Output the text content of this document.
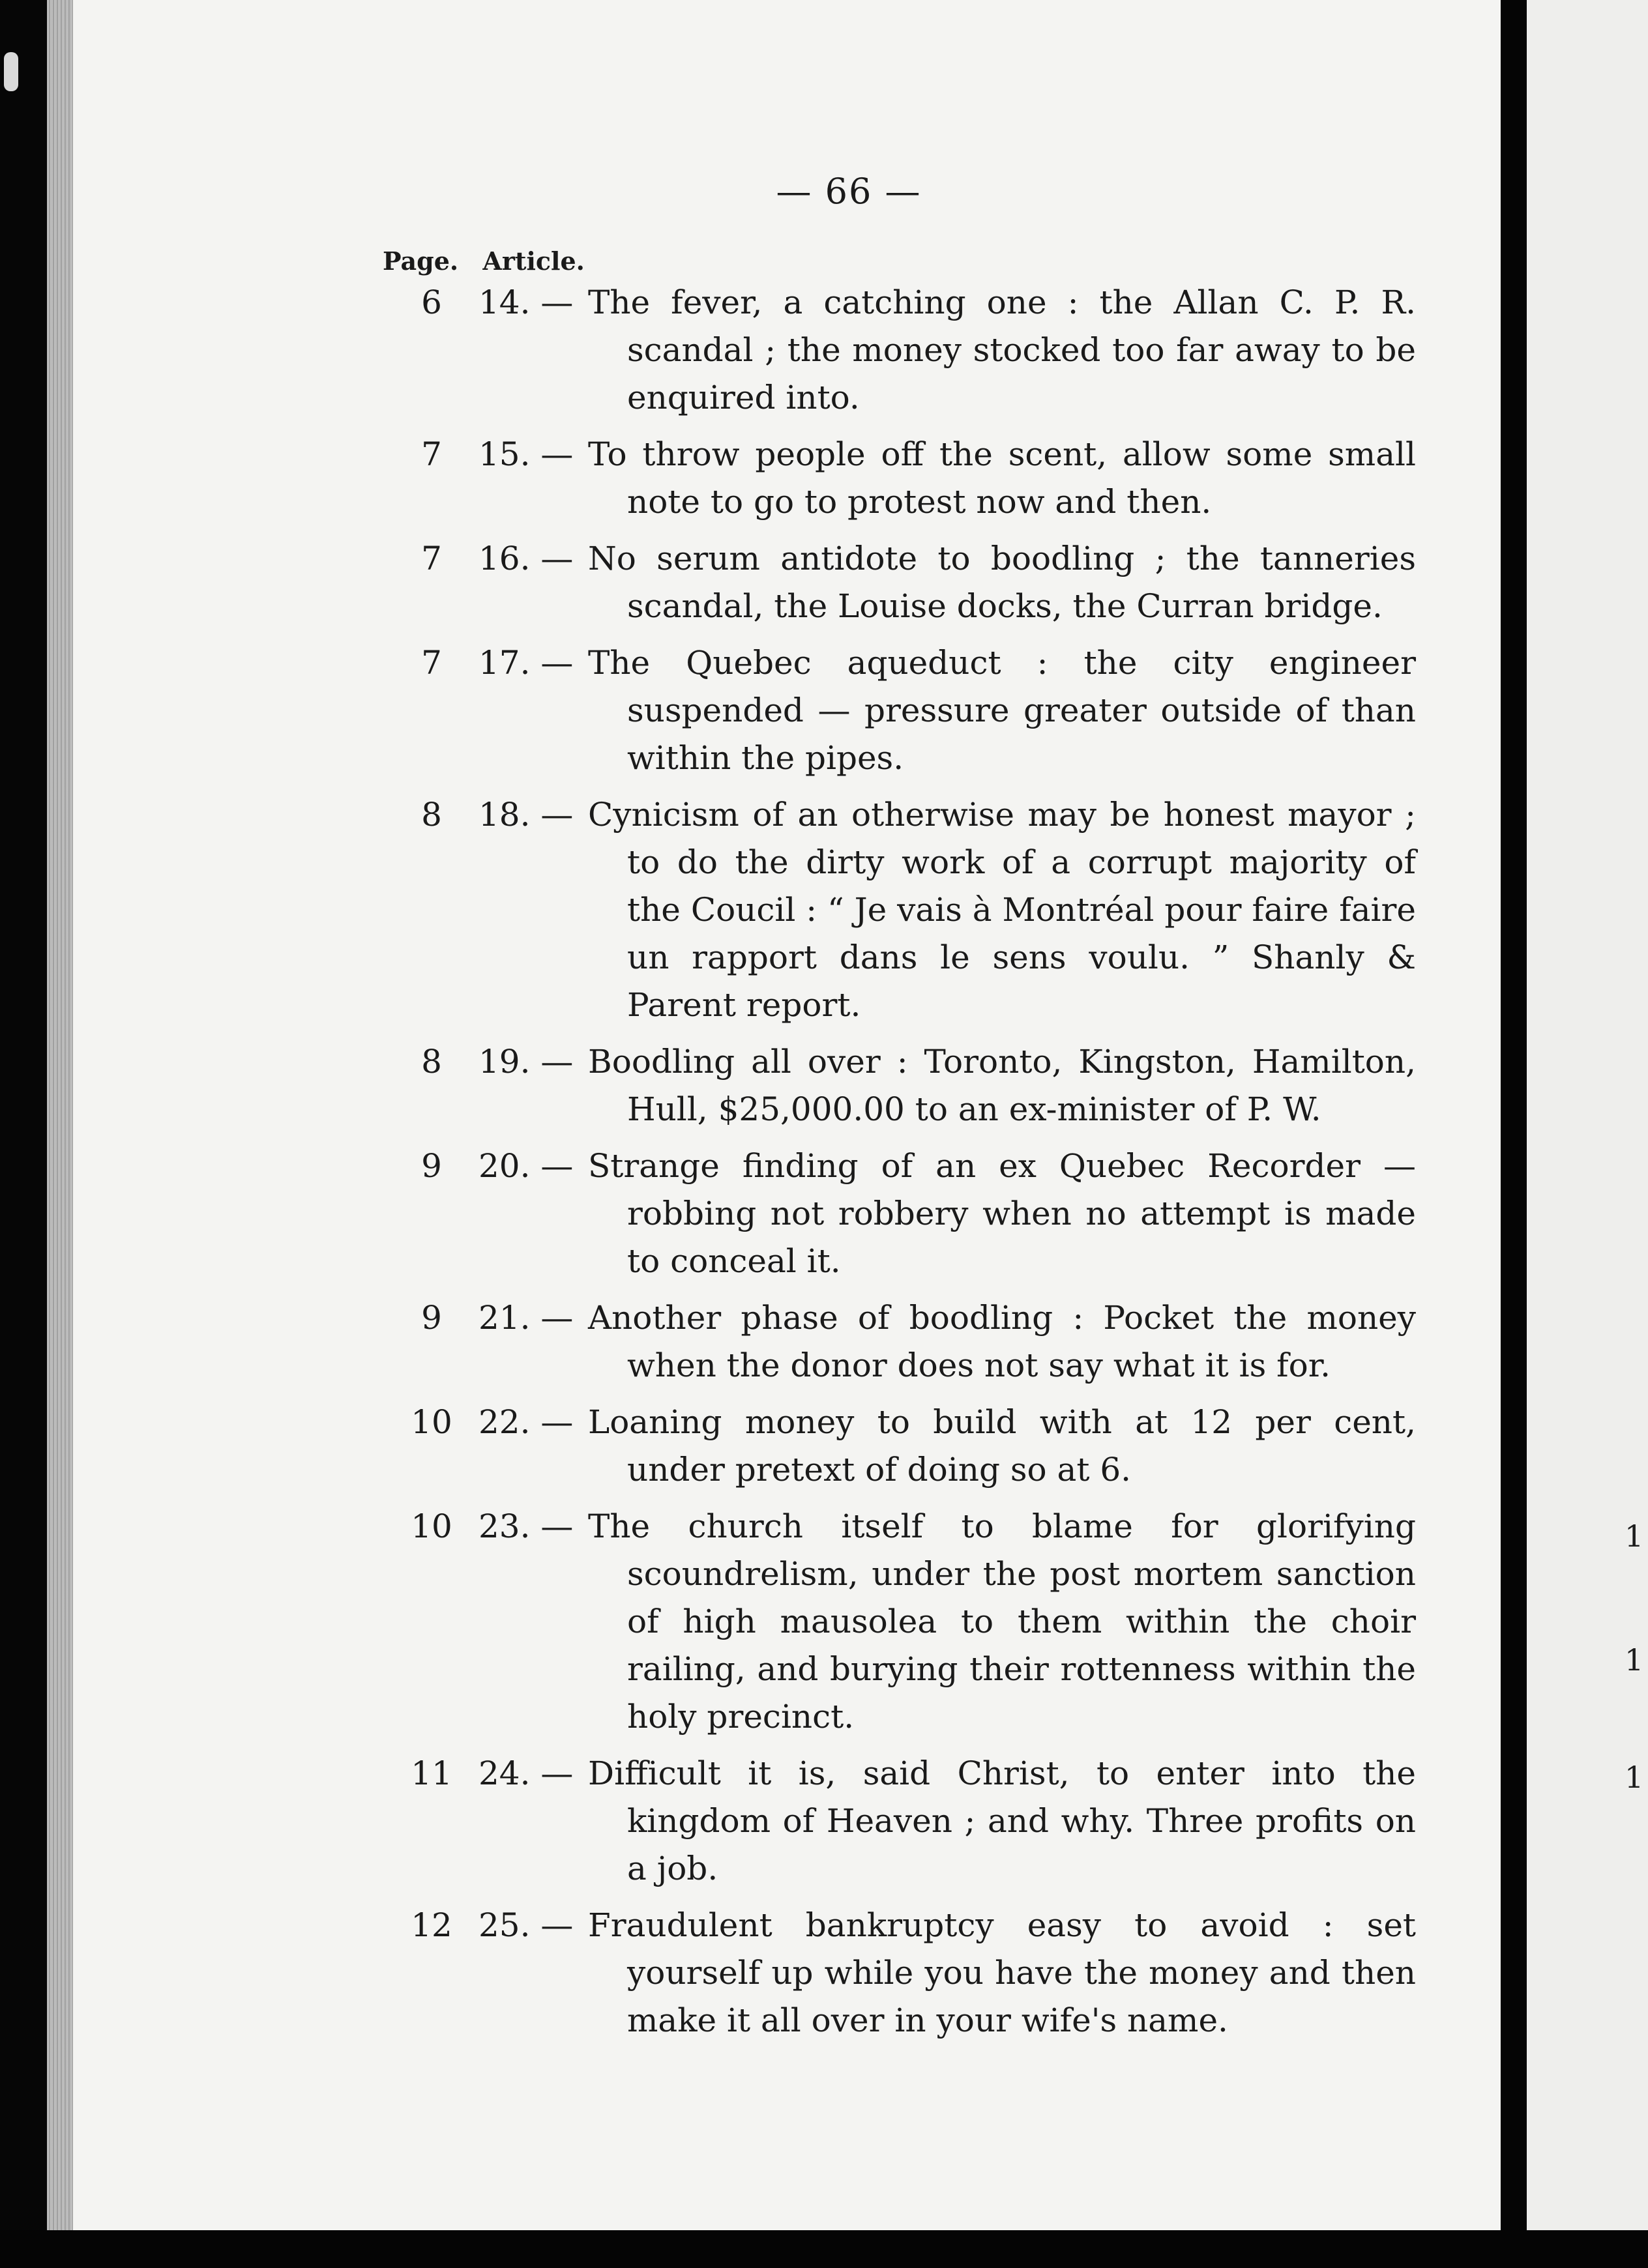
— 66 —
Page. Article.
6	14. — The fever, a catching one : the Allan C. P. R. scandal ; the money stocked too far away to be enquired into.
7	15. — To throw people off the scent, allow some small note to go to protest now and then.
7	16. — No serum antidote to boodling ; the tanneries scandal, the Louise docks, the Curran bridge.
7	17. — The Quebec aqueduct : the city engineer suspended — pressure greater outside of than within the pipes.
8	18. — Cynicism of an otherwise may be honest mayor ; to do the dirty work of a corrupt majority of the Coucil : “ Je vais à Montréal pour faire faire un rapport dans le sens voulu. ” Shanly & Parent report.
8	19. — Boodling all over : Toronto, Kingston, Hamilton, Hull, $25,000.00 to an ex-minister of P. W.
9	20. — Strange finding of an ex Quebec Recorder — robbing not robbery when no attempt is made to conceal it.
9	21. — Another phase of boodling : Pocket the money when the donor does not say what it is for.
10 22. — Loaning money to build with at 12 per cent, under pretext of doing so at 6.
10 23. — The church itself to blame for glorifying scoundrelism, under the post mortem sanction of high mausolea to them within the choir railing, and burying their rottenness within the holy precinct.
11 24. — Difficult it is, said Christ, to enter into the kingdom of Heaven ; and why. Three profits on a job.
12 25. — Fraudulent bankruptcy easy to avoid : set yourself up while you have the money and then make it all over in your wife's name.
1
1
1
